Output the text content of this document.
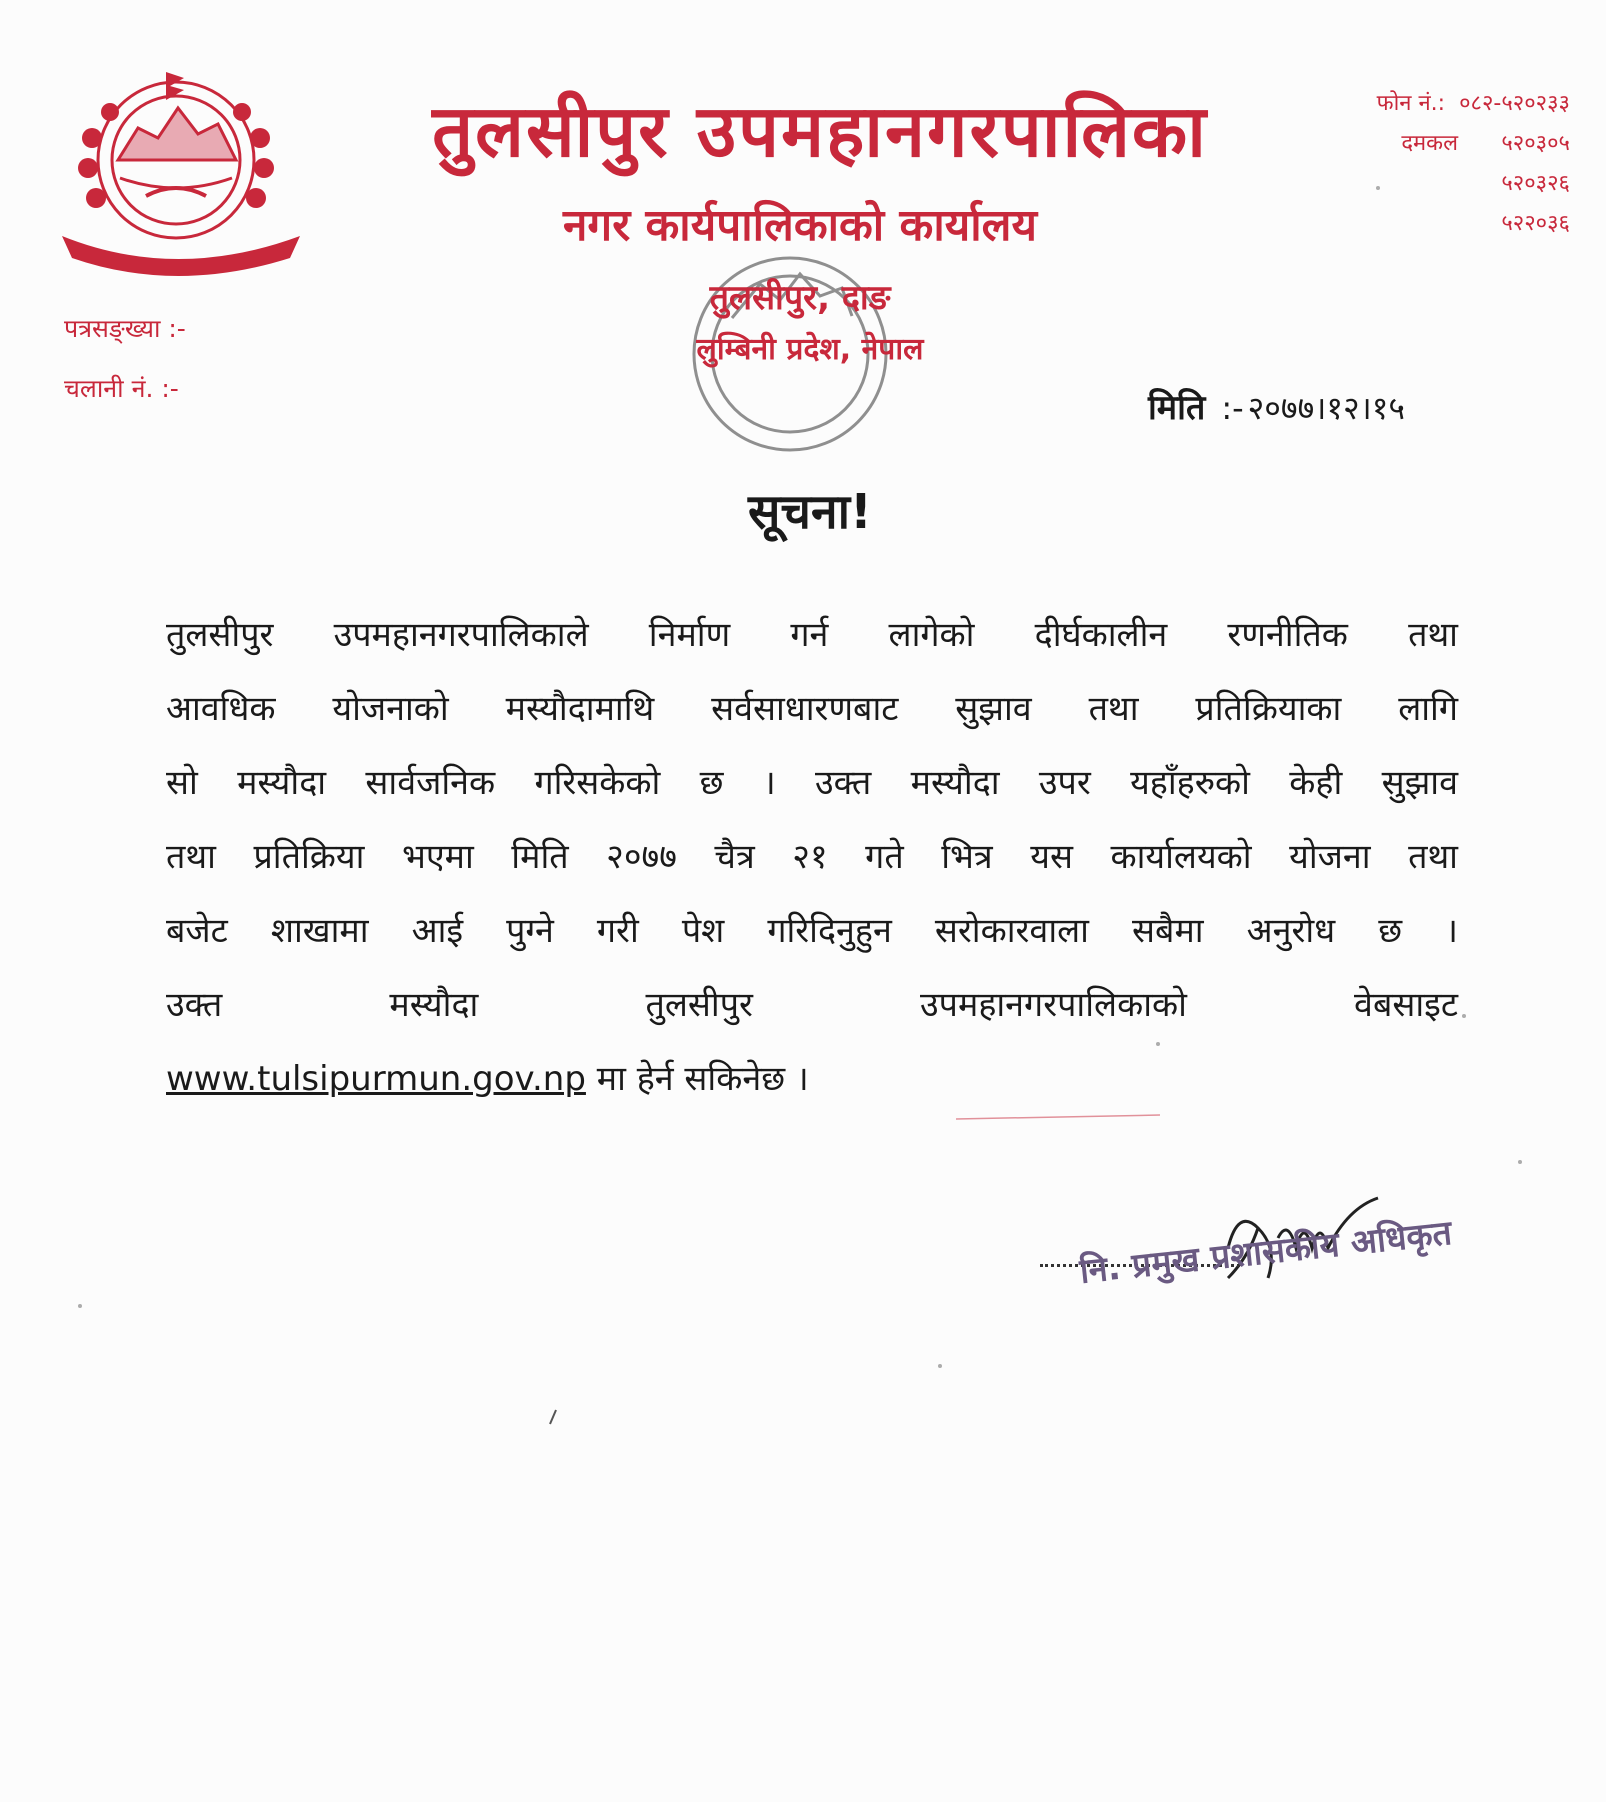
तुलसीपुर उपमहानगरपालिका
नगर कार्यपालिकाको कार्यालय
तुलसीपुर, दाङ
लुम्बिनी प्रदेश, नेपाल
फोन नं.: ०८२-५२०२३३
दमकल	५२०३०५
५२०३२६
५२२०३६
पत्रसङ्ख्या :-
चलानी नं. :-	मिति :- २०७७।१२।१५
सूचना!
तुलसीपुर उपमहानगरपालिकाले निर्माण गर्न लागेको दीर्घकालीन रणनीतिक तथा
आवधिक योजनाको मस्यौदामाथि सर्वसाधारणबाट सुझाव तथा प्रतिक्रियाका लागि
सो मस्यौदा सार्वजनिक गरिसकेको छ । उक्त मस्यौदा उपर यहाँहरुको केही सुझाव
तथा प्रतिक्रिया भएमा मिति २०७७ चैत्र २१ गते भित्र यस कार्यालयको योजना तथा
बजेट शाखामा आई पुग्ने गरी पेश गरिदिनुहुन सरोकारवाला सबैमा अनुरोध छ ।
उक्त मस्यौदा तुलसीपुर उपमहानगरपालिकाको वेबसाइट
www.tulsipurmun.gov.np मा हेर्न सकिनेछ ।
नि. प्रमुख प्रशासकीय अधिकृत
